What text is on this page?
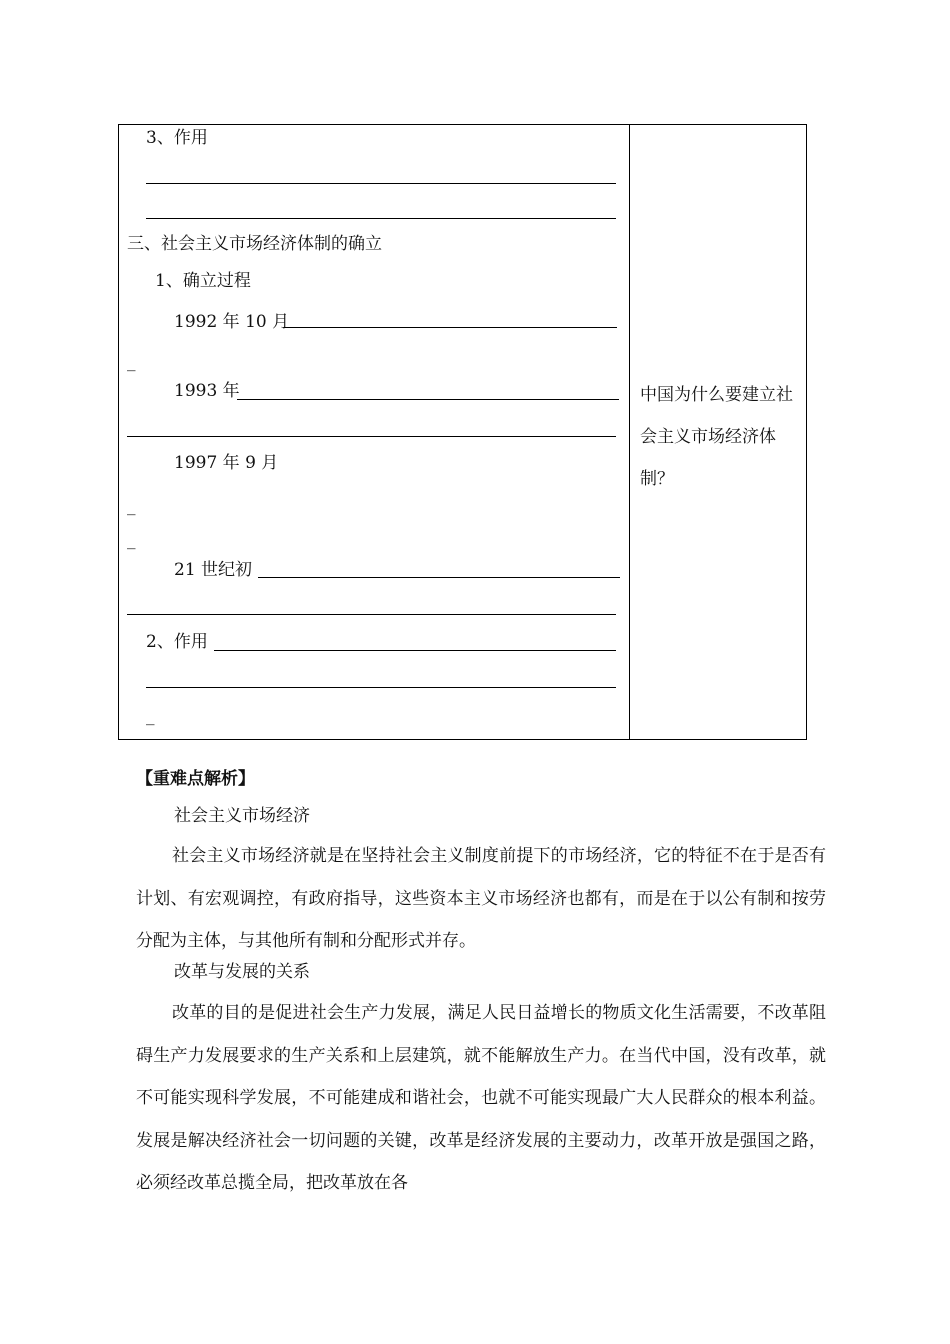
3、作用
三、社会主义市场经济体制的确立
1、确立过程
1992 年 10 月
_
1993 年
1997 年 9 月
_
_
21 世纪初
2、作用
_
中国为什么要建立社会主义市场经济体制？
【重难点解析】
社会主义市场经济
社会主义市场经济就是在坚持社会主义制度前提下的市场经济，它的特征不在于是否有计划、有宏观调控，有政府指导，这些资本主义市场经济也都有，而是在于以公有制和按劳分配为主体，与其他所有制和分配形式并存。
改革与发展的关系
改革的目的是促进社会生产力发展，满足人民日益增长的物质文化生活需要，不改革阻碍生产力发展要求的生产关系和上层建筑，就不能解放生产力。在当代中国，没有改革，就不可能实现科学发展，不可能建成和谐社会，也就不可能实现最广大人民群众的根本利益。发展是解决经济社会一切问题的关键，改革是经济发展的主要动力，改革开放是强国之路，必须经改革总揽全局，把改革放在各
